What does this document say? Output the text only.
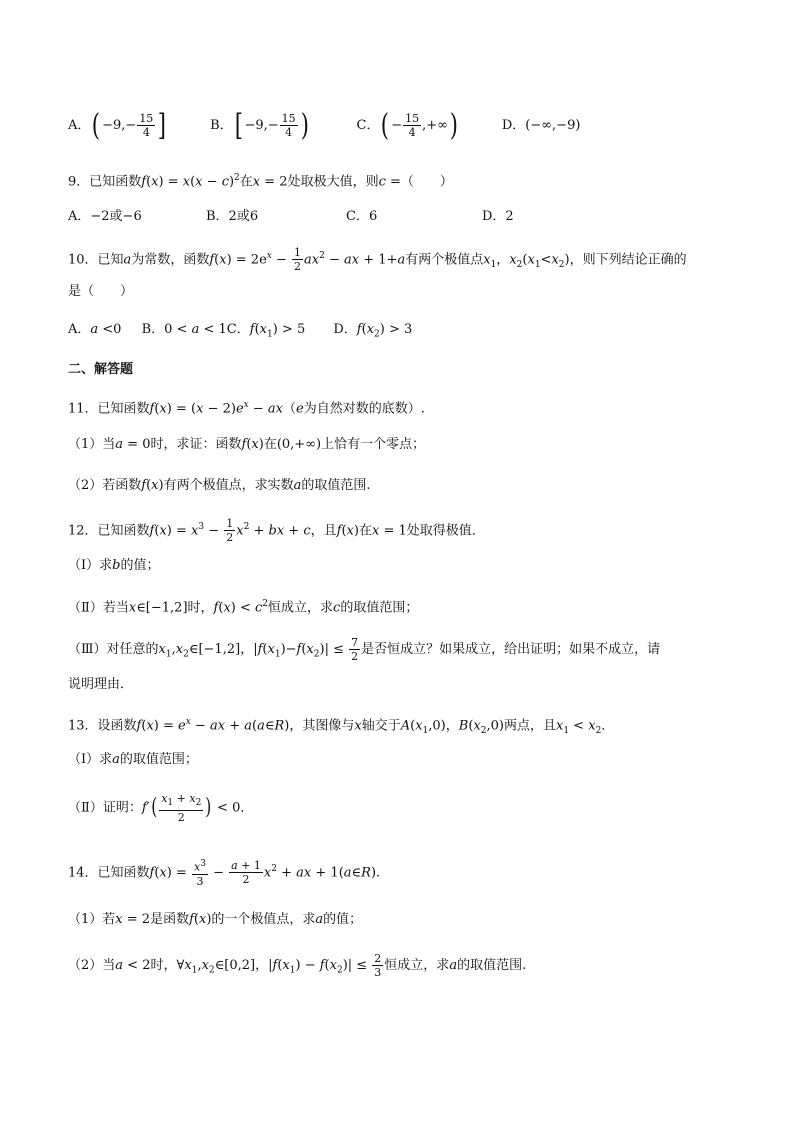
A．( $-9,- \frac{15}{4}$ ]	B．[ $-9,- \frac{15}{4}$ )	C．( − $\frac{15}{4}$ ,+∞)	D．(−∞,−9)
9．已知函数$f(x) = x(x - c)^2$在x = 2处取极大值，则c =（　　）
A．−2或−6	B．2或6	C．6	D．2
10．已知a为常数，函数$f(x) = 2e^x - \frac{1}{2} ax^2$ − ax + 1+a有两个极值点$x_1$，$x_2(x_1<x_2)$，则下列结论正确的
是（　　）
A．a <0 B．0 < a < 1C．$f(x_1) > 5$ D．$f(x_2) > 3$
二、解答题
11．已知函数$f(x) = (x - 2)e^x - ax(e$为自然对数的底数）.
（1）当a = 0时，求证：函数f(x)在(0,+∞)上恰有一个零点；
（2）若函数f(x)有两个极值点，求实数a的取值范围.
12．已知函数$f(x) = x^3 - \frac{1}{2} x^2$ + bx + c，且f(x)在x = 1处取得极值．
（Ⅰ）求b的值；
（Ⅱ）若当x∈[−1,2]时，$f(x) < c^2$恒成立，求c的取值范围；
（Ⅲ）对任意的$x_1,x_2\in[-1,2]$，$|f(x_1)-f(x_2)| \le \frac{7}{2}$ 是否恒成立？如果成立，给出证明；如果不成立，请
说明理由．
13．设函数$f(x) = e^x$ − ax + a(a∈R)，其图像与x轴交于$A(x_1,0)$，$B(x_2,0)$两点，且$x_1 < x_2$．
（I）求a的取值范围；
（Ⅱ）证明：$f'( \frac{x_1 + x_2}{2}$ ) < 0．
14．已知函数$f(x) = \frac{x^3}{3} - \frac{a + 1}{2} x^2$ + ax + 1(a∈R).
（1）若x = 2是函数f(x)的一个极值点，求a的值；
（2）当a < 2时，$\forall x_1,x_2\in[0,2]$，$|f(x_1) - f(x_2)| \le \frac{2}{3}$ 恒成立，求a的取值范围.
